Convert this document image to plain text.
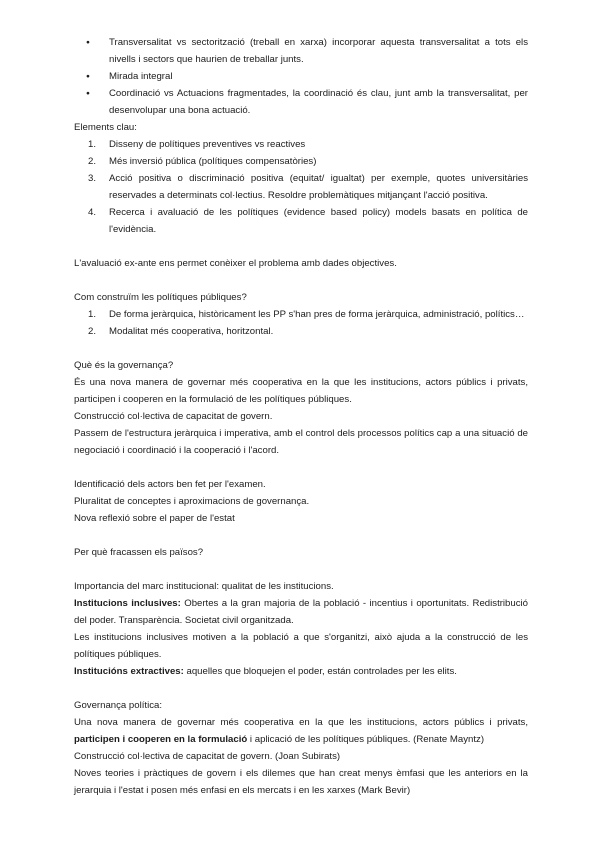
● Transversalitat vs sectorització (treball en xarxa) incorporar aquesta transversalitat a tots els nivells i sectors que haurien de treballar junts.
● Mirada integral
● Coordinació vs Actuacions fragmentades, la coordinació és clau, junt amb la transversalitat, per desenvolupar una bona actuació.

Elements clau:

1. Disseny de polítiques preventives vs reactives
2. Més inversió pública (polítiques compensatòries)
3. Acció positiva o discriminació positiva (equitat/ igualtat) per exemple, quotes universitàries reservades a determinats col·lectius. Resoldre problemàtiques mitjançant l'acció positiva.
4. Recerca i avaluació de les polítiques (evidence based policy) models basats en política de l'evidència.

L'avaluació ex-ante ens permet conèixer el problema amb dades objectives.

Com construïm les polítiques públiques?

1. De forma jeràrquica, històricament les PP s'han pres de forma jeràrquica, administració, polítics…
2. Modalitat més cooperativa, horitzontal.

Què és la governança?

És una nova manera de governar més cooperativa en la que les institucions, actors públics i privats, participen i cooperen en la formulació de les polítiques públiques.

Construcció col·lectiva de capacitat de govern.

Passem de l'estructura jeràrquica i imperativa, amb el control dels processos polítics cap a una situació de negociació i coordinació i la cooperació i l'acord.

Identificació dels actors ben fet per l'examen.

Pluralitat de conceptes i aproximacions de governança.

Nova reflexió sobre el paper de l'estat

Per què fracassen els països?

Importancia del marc institucional: qualitat de les institucions.

Institucions inclusives: Obertes a la gran majoria de la població - incentius i oportunitats. Redistribució del poder. Transparència. Societat civil organitzada.

Les institucions inclusives motiven a la població a que s'organitzi, això ajuda a la construcció de les polítiques públiques.

Institucións extractives: aquelles que bloquejen el poder, están controlades per les elits.

Governança política:

Una nova manera de governar més cooperativa en la que les institucions, actors públics i privats, participen i cooperen en la formulació i aplicació de les polítiques públiques. (Renate Mayntz)

Construcció col·lectiva de capacitat de govern. (Joan Subirats)

Noves teories i pràctiques de govern i els dilemes que han creat menys èmfasi que les anteriors en la jerarquia i l'estat i posen més enfasi en els mercats i en les xarxes (Mark Bevir)
